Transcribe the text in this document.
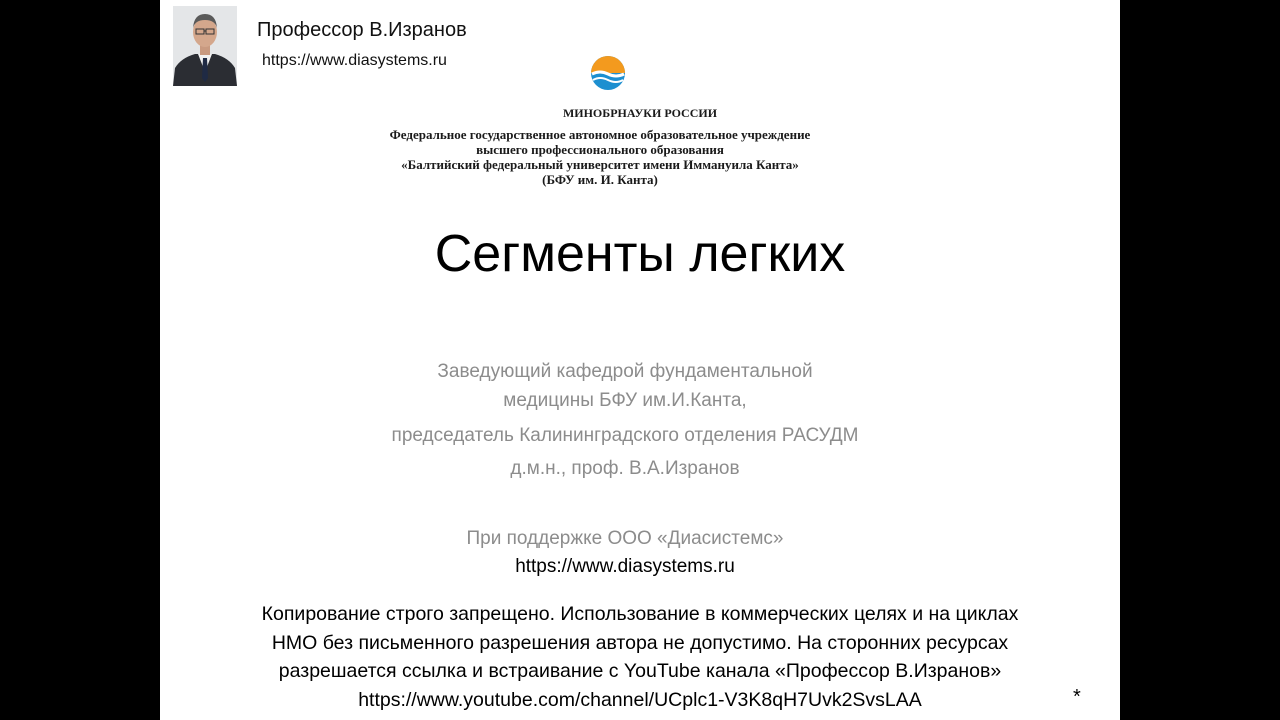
Профессор В.Изранов
https://www.diasystems.ru
МИНОБРНАУКИ РОССИИ
Федеральное государственное автономное образовательное учреждение
высшего профессионального образования
«Балтийский федеральный университет имени Иммануила Канта»
(БФУ им. И. Канта)
Сегменты легких
Заведующий кафедрой фундаментальной
медицины БФУ им.И.Канта,
председатель Калининградского отделения РАСУДМ
д.м.н., проф. В.А.Изранов
При поддержке ООО «Диасистемс»
https://www.diasystems.ru
Копирование строго запрещено. Использование в коммерческих целях и на циклах
НМО без письменного разрешения автора не допустимо. На сторонних ресурсах
разрешается ссылка и встраивание с YouTube канала «Профессор В.Изранов»
https://www.youtube.com/channel/UCplc1-V3K8qH7Uvk2SvsLAA	*
